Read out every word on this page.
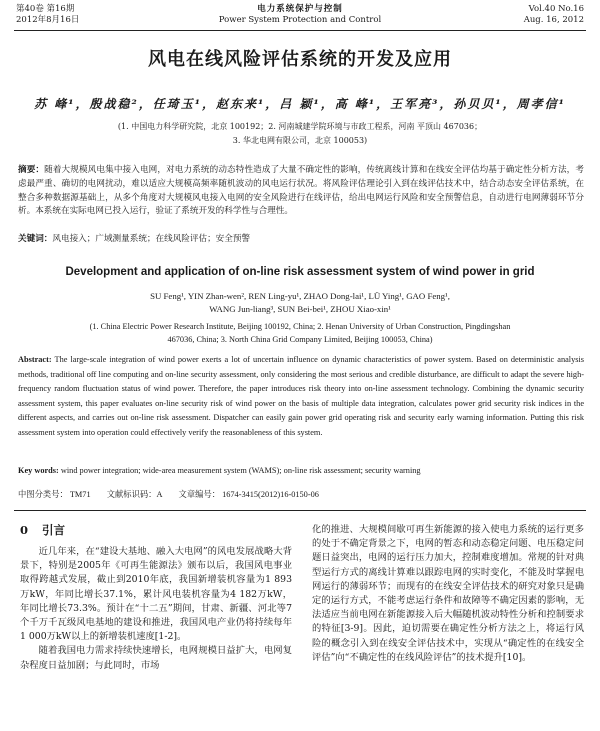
第40卷 第16期
2012年8月16日
电力系统保护与控制
Power System Protection and Control
Vol.40 No.16
Aug. 16, 2012
风电在线风险评估系统的开发及应用
苏 峰¹，殷战稳²，任琦玉¹，赵东来¹，吕 颖¹，高 峰¹，王军亮³，孙贝贝¹，周孝信¹
(1. 中国电力科学研究院，北京 100192；2. 河南城建学院环境与市政工程系，河南 平顶山 467036；
3. 华北电网有限公司，北京 100053)
摘要：随着大规模风电集中接入电网，对电力系统的动态特性造成了大量不确定性的影响，传统离线计算和在线安全评估均基于确定性分析方法，考虑最严重、确切的电网扰动，难以适应大规模高频率随机波动的风电运行状况。将风险评估理论引入到在线评估技术中，结合动态安全评估系统，在整合多种数据源基础上，从多个角度对大规模风电接入电网的安全风险进行在线评估，给出电网运行风险和安全预警信息，自动进行电网薄弱环节分析。本系统在实际电网已投入运行，验证了系统开发的科学性与合理性。
关键词：风电接入；广域测量系统；在线风险评估；安全预警
Development and application of on-line risk assessment system of wind power in grid
SU Feng¹, YIN Zhan-wen², REN Ling-yu¹, ZHAO Dong-lai¹, LÜ Ying¹, GAO Feng¹,
WANG Jun-liang³, SUN Bei-bei¹, ZHOU Xiao-xin¹
(1. China Electric Power Research Institute, Beijing 100192, China; 2. Henan University of Urban Construction, Pingdingshan
467036, China; 3. North China Grid Company Limited, Beijing 100053, China)
Abstract: The large-scale integration of wind power exerts a lot of uncertain influence on dynamic characteristics of power system. Based on deterministic analysis methods, traditional off line computing and on-line security assessment, only considering the most serious and credible disturbance, are difficult to adapt the severe high-frequency random fluctuation status of wind power. Therefore, the paper introduces risk theory into on-line assessment technology. Combining the dynamic security assessment system, this paper evaluates on-line security risk of wind power on the basis of multiple data integration, calculates power grid security risk indices in the different aspects, and carries out on-line risk assessment. Dispatcher can easily gain power grid operating risk and security early warning information. Putting this risk assessment system into operation could effectively verify the reasonableness of this system.
Key words: wind power integration; wide-area measurement system (WAMS); on-line risk assessment; security warning
中图分类号： TM71 文献标识码：A 文章编号： 1674-3415(2012)16-0150-06
0 引言

近几年来，在“建设大基地、融入大电网”的风电发展战略大背景下，特别是2005年《可再生能源法》颁布以后，我国风电事业取得跨越式发展，截止到2010年底，我国新增装机容量为1 893万kW，年同比增长37.1%，累计风电装机容量为4 182万kW，年同比增长73.3%。预计在“十二五”期间，甘肃、新疆、河北等7个千万千瓦级风电基地的建设和推进，我国风电产业仍将持续每年1 000万kW以上的新增装机速度[1-2]。

随着我国电力需求持续快速增长，电网规模日益扩大，电网复杂程度日益加剧；与此同时，市场

化的推进、大规模间歇可再生新能源的接入使电力系统的运行更多的处于不确定背景之下，电网的暂态和动态稳定问题、电压稳定问题日益突出，电网的运行压力加大，控制难度增加。常规的针对典型运行方式的离线计算难以跟踪电网的实时变化，不能及时掌握电网运行的薄弱环节；而现有的在线安全评估技术的研究对象只是确定的运行方式，不能考虑运行条件和故障等不确定因素的影响，无法适应当前电网在新能源接入后大幅随机波动特性分析和控制要求的特征[3-9]。因此，迫切需要在确定性分析方法之上，将运行风险的概念引入到在线安全评估技术中，实现从“确定性的在线安全评估”向“不确定性的在线风险评估”的技术提升[10]。
